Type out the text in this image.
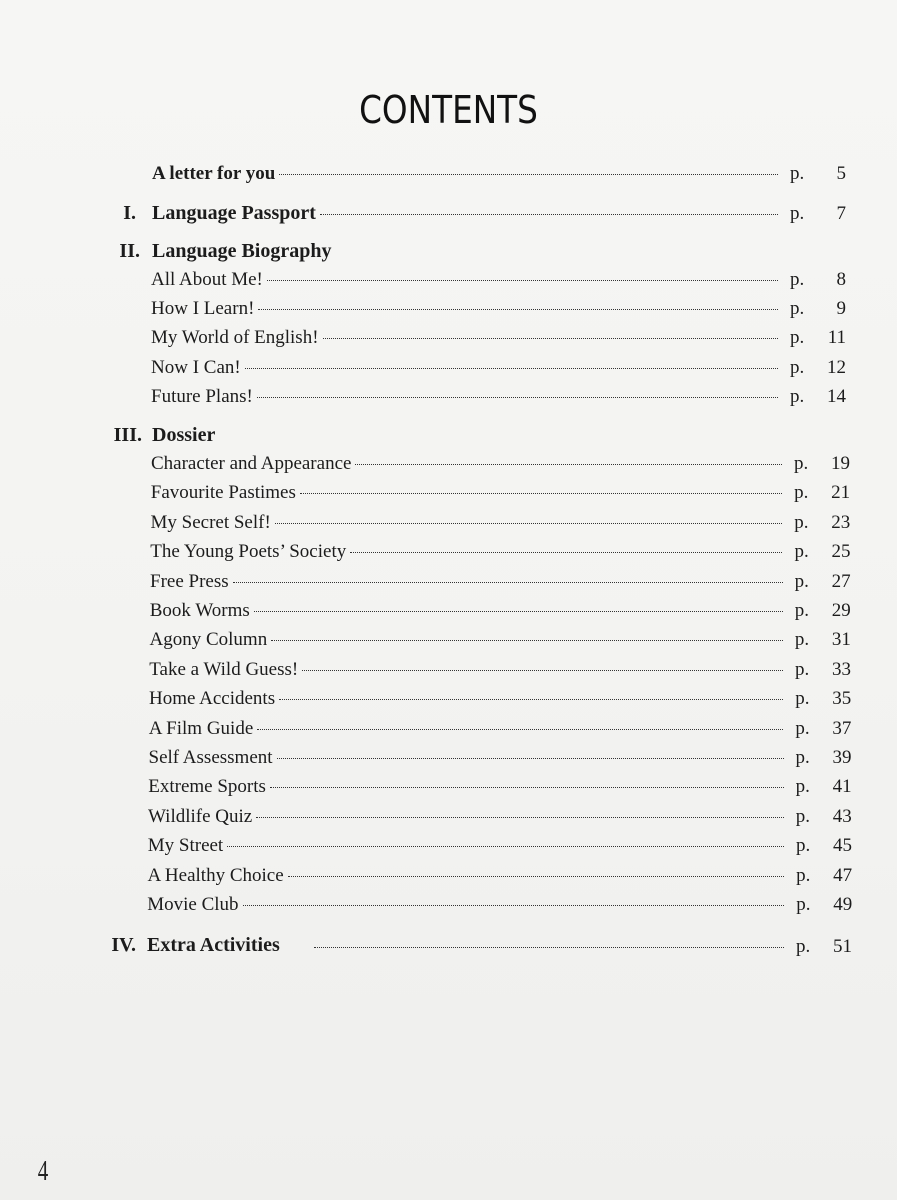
CONTENTS
A letter for you	p.	5
I. Language Passport	p.	7
II. Language Biography
All About Me!	p.	8
How I Learn!	p.	9
My World of English!	p.	11
Now I Can!	p.	12
Future Plans!	p.	14
III. Dossier
Character and Appearance	p.	19
Favourite Pastimes	p.	21
My Secret Self!	p.	23
The Young Poets’ Society	p.	25
Free Press	p.	27
Book Worms	p.	29
Agony Column	p.	31
Take a Wild Guess!	p.	33
Home Accidents	p.	35
A Film Guide	p.	37
Self Assessment	p.	39
Extreme Sports	p.	41
Wildlife Quiz	p.	43
My Street	p.	45
A Healthy Choice	p.	47
Movie Club	p.	49
IV. Extra Activities	p.	51
4
